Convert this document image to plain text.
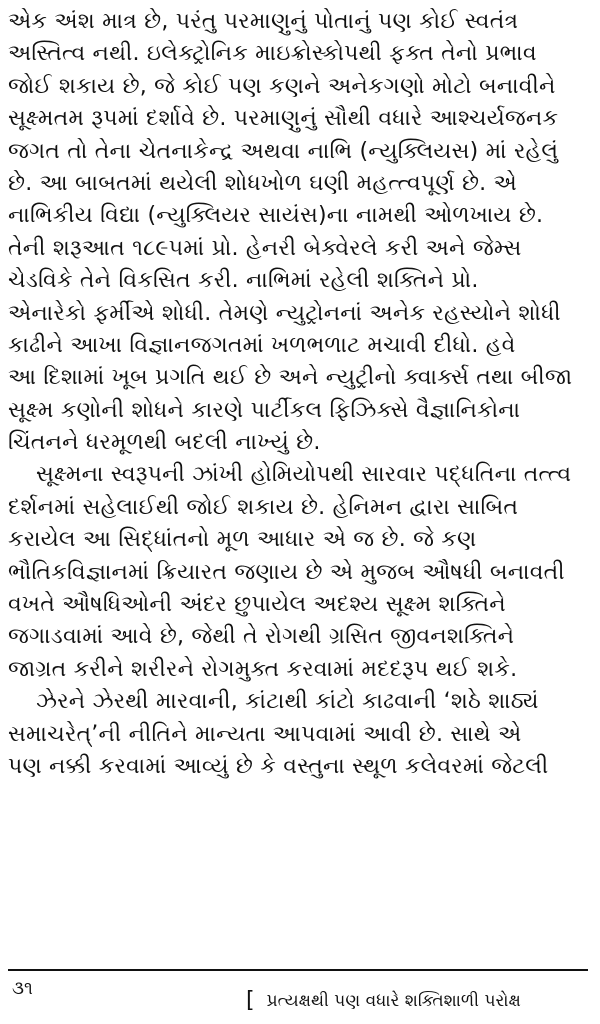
એક અંશ માત્ર છે, પરંતુ પરમાણુનું પોતાનું પણ કોઈ સ્વતંત્ર
અસ્તિત્વ નથી. ઇલેક્ટ્રોનિક માઇક્રોસ્કોપથી ફક્ત તેનો પ્રભાવ
જોઈ શકાય છે, જે કોઈ પણ કણને અનેકગણો મોટો બનાવીને
સૂક્ષ્મતમ રૂપમાં દર્શાવે છે. પરમાણુનું સૌથી વધારે આશ્ચર્યજનક
જગત તો તેના ચેતનાકેન્દ્ર અથવા નાભિ (ન્યુક્લિયસ) માં રહેલું
છે. આ બાબતમાં થયેલી શોધખોળ ઘણી મહત્ત્વપૂર્ણ છે. એ
નાભિકીય વિદ્યા (ન્યુક્લિયર સાયંસ)ના નામથી ઓળખાય છે.
તેની શરૂઆત ૧૮૯૫માં પ્રો. હેનરી બેક્વેરલે કરી અને જેમ્સ
ચેડવિકે તેને વિકસિત કરી. નાભિમાં રહેલી શક્તિને પ્રો.
એનારેકો ફર્મીએ શોધી. તેમણે ન્યુટ્રોનનાં અનેક રહસ્યોને શોધી
કાઢીને આખા વિજ્ઞાનજગતમાં ખળભળાટ મચાવી દીધો. હવે
આ દિશામાં ખૂબ પ્રગતિ થઈ છે અને ન્યુટ્રીનો ક્વાર્ક્સ તથા બીજા
સૂક્ષ્મ કણોની શોધને કારણે પાર્ટીકલ ફિઝિક્સે વૈજ્ઞાનિકોના
ચિંતનને ધરમૂળથી બદલી નાખ્યું છે.
સૂક્ષ્મના સ્વરૂપની ઝાંખી હોમિયોપથી સારવાર પદ્ધતિના તત્ત્વ
દર્શનમાં સહેલાઈથી જોઈ શકાય છે. હેનિમન દ્વારા સાબિત
કરાયેલ આ સિદ્ધાંતનો મૂળ આધાર એ જ છે. જે કણ
ભૌતિકવિજ્ઞાનમાં ક્રિયારત જણાય છે એ મુજબ ઔષધી બનાવતી
વખતે ઔષધિઓની અંદર છુપાયેલ અદશ્ય સૂક્ષ્મ શક્તિને
જગાડવામાં આવે છે, જેથી તે રોગથી ગ્રસિત જીવનશક્તિને
જાગ્રત કરીને શરીરને રોગમુક્ત કરવામાં મદદરૂપ થઈ શકે.
ઝેરને ઝેરથી મારવાની, કાંટાથી કાંટો કાઢવાની ‘શઠે શાઠ્યં
સમાચરેત્’ની નીતિને માન્યતા આપવામાં આવી છે. સાથે એ
પણ નક્કી કરવામાં આવ્યું છે કે વસ્તુના સ્થૂળ કલેવરમાં જેટલી
૩૧	[ પ્રત્યક્ષથી પણ વધારે શક્તિશાળી પરોક્ષ
